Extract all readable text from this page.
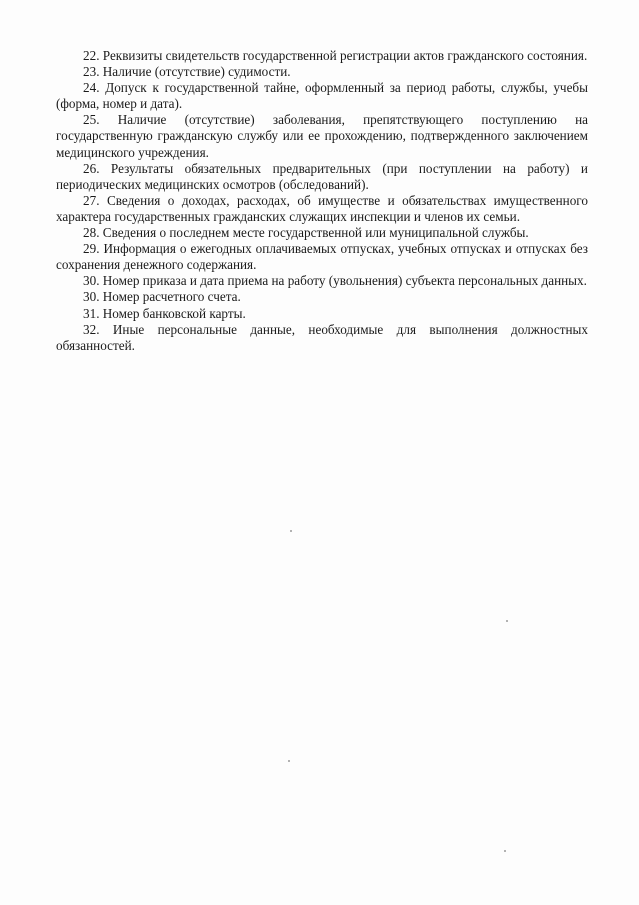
22. Реквизиты свидетельств государственной регистрации актов гражданского состояния.

23. Наличие (отсутствие) судимости.

24. Допуск к государственной тайне, оформленный за период работы, службы, учебы (форма, номер и дата).

25. Наличие (отсутствие) заболевания, препятствующего поступлению на государственную гражданскую службу или ее прохождению, подтвержденного заключением медицинского учреждения.

26. Результаты обязательных предварительных (при поступлении на работу) и периодических медицинских осмотров (обследований).

27. Сведения о доходах, расходах, об имуществе и обязательствах имущественного характера государственных гражданских служащих инспекции и членов их семьи.

28. Сведения о последнем месте государственной или муниципальной службы.

29. Информация о ежегодных оплачиваемых отпусках, учебных отпусках и отпусках без сохранения денежного содержания.

30. Номер приказа и дата приема на работу (увольнения) субъекта персональных данных.

30. Номер расчетного счета.

31. Номер банковской карты.

32. Иные персональные данные, необходимые для выполнения должностных обязанностей.
